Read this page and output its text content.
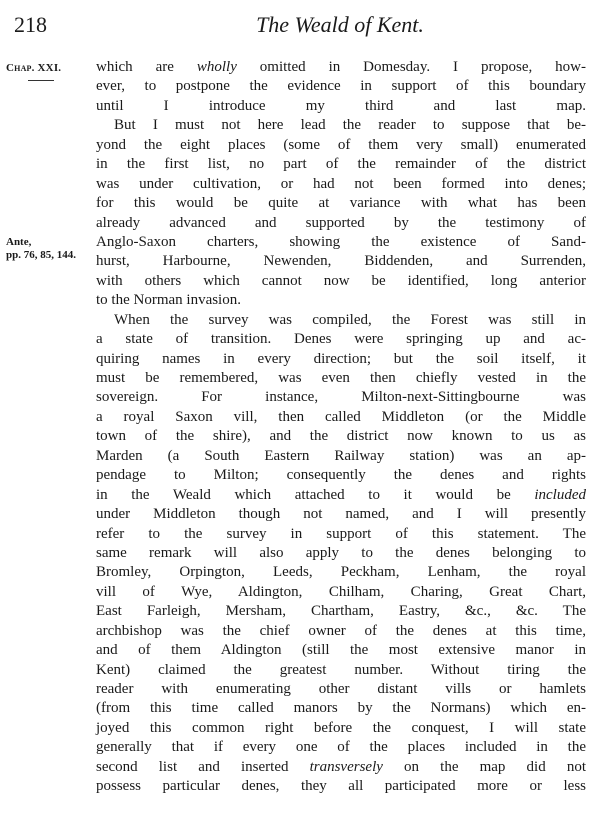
218	The Weald of Kent.
Chap. XXI.
Ante,
pp. 76, 85, 144.
which are wholly omitted in Domesday. I propose, how-
ever, to postpone the evidence in support of this boundary
until I introduce my third and last map.
But I must not here lead the reader to suppose that be-
yond the eight places (some of them very small) enumerated
in the first list, no part of the remainder of the district
was under cultivation, or had not been formed into denes;
for this would be quite at variance with what has been
already advanced and supported by the testimony of
Anglo-Saxon charters, showing the existence of Sand-
hurst, Harbourne, Newenden, Biddenden, and Surrenden,
with others which cannot now be identified, long anterior
to the Norman invasion.
When the survey was compiled, the Forest was still in
a state of transition. Denes were springing up and ac-
quiring names in every direction; but the soil itself, it
must be remembered, was even then chiefly vested in the
sovereign. For instance, Milton-next-Sittingbourne was
a royal Saxon vill, then called Middleton (or the Middle
town of the shire), and the district now known to us as
Marden (a South Eastern Railway station) was an ap-
pendage to Milton; consequently the denes and rights
in the Weald which attached to it would be included
under Middleton though not named, and I will presently
refer to the survey in support of this statement. The
same remark will also apply to the denes belonging to
Bromley, Orpington, Leeds, Peckham, Lenham, the royal
vill of Wye, Aldington, Chilham, Charing, Great Chart,
East Farleigh, Mersham, Chartham, Eastry, &c., &c. The
archbishop was the chief owner of the denes at this time,
and of them Aldington (still the most extensive manor in
Kent) claimed the greatest number. Without tiring the
reader with enumerating other distant vills or hamlets
(from this time called manors by the Normans) which en-
joyed this common right before the conquest, I will state
generally that if every one of the places included in the
second list and inserted transversely on the map did not
possess particular denes, they all participated more or less
